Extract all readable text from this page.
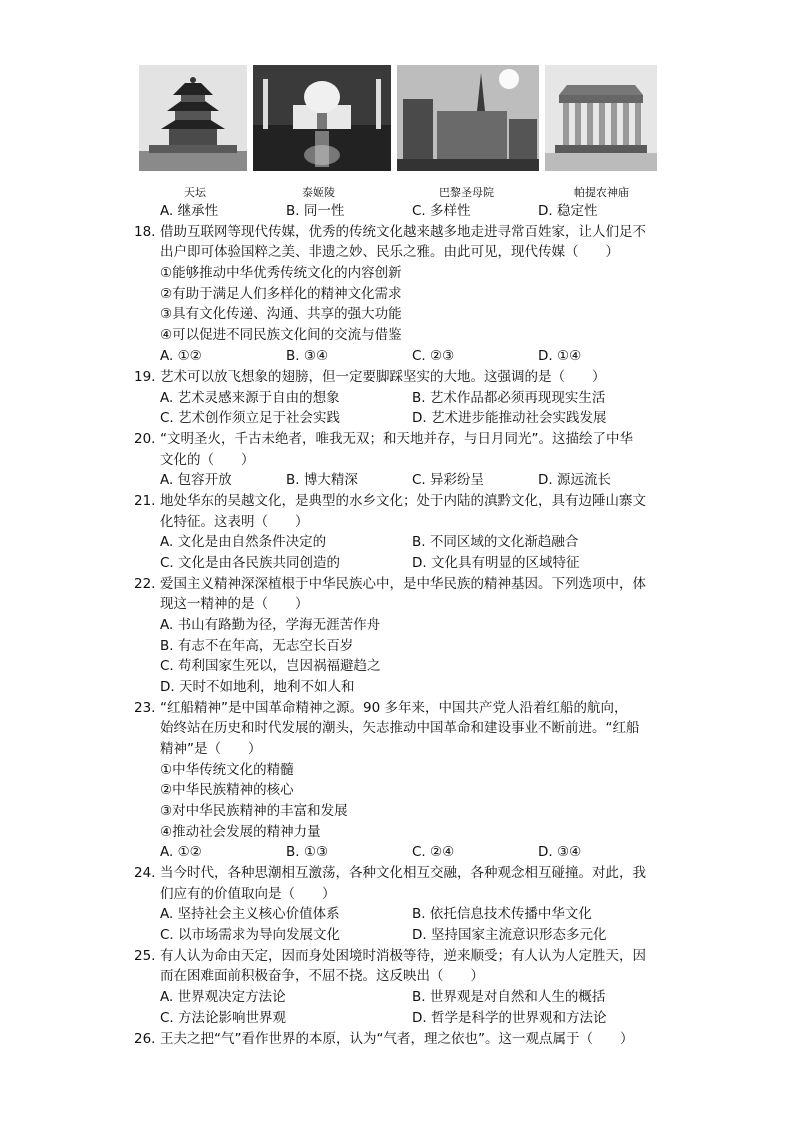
天坛	泰姬陵	巴黎圣母院	帕提农神庙
A. 继承性	B. 同一性	C. 多样性	D. 稳定性
18. 借助互联网等现代传媒，优秀的传统文化越来越多地走进寻常百姓家，让人们足不
出户即可体验国粹之美、非遗之妙、民乐之雅。由此可见，现代传媒（　　）
①能够推动中华优秀传统文化的内容创新
②有助于满足人们多样化的精神文化需求
③具有文化传递、沟通、共享的强大功能
④可以促进不同民族文化间的交流与借鉴
A. ①②	B. ③④	C. ②③	D. ①④
19. 艺术可以放飞想象的翅膀，但一定要脚踩坚实的大地。这强调的是（　　）
A. 艺术灵感来源于自由的想象	B. 艺术作品都必须再现现实生活
C. 艺术创作须立足于社会实践	D. 艺术进步能推动社会实践发展
20. “文明圣火，千古未绝者，唯我无双；和天地并存，与日月同光”。这描绘了中华
文化的（　　）
A. 包容开放	B. 博大精深	C. 异彩纷呈	D. 源远流长
21. 地处华东的吴越文化，是典型的水乡文化；处于内陆的滇黔文化，具有边陲山寨文
化特征。这表明（　　）
A. 文化是由自然条件决定的	B. 不同区域的文化渐趋融合
C. 文化是由各民族共同创造的	D. 文化具有明显的区域特征
22. 爱国主义精神深深植根于中华民族心中，是中华民族的精神基因。下列选项中，体
现这一精神的是（　　）
A. 书山有路勤为径，学海无涯苦作舟
B. 有志不在年高，无志空长百岁
C. 苟利国家生死以，岂因祸福避趋之
D. 天时不如地利，地利不如人和
23. “红船精神”是中国革命精神之源。90 多年来，中国共产党人沿着红船的航向，
始终站在历史和时代发展的潮头，矢志推动中国革命和建设事业不断前进。“红船
精神”是（　　）
①中华传统文化的精髓
②中华民族精神的核心
③对中华民族精神的丰富和发展
④推动社会发展的精神力量
A. ①②	B. ①③	C. ②④	D. ③④
24. 当今时代，各种思潮相互激荡，各种文化相互交融，各种观念相互碰撞。对此，我
们应有的价值取向是（　　）
A. 坚持社会主义核心价值体系	B. 依托信息技术传播中华文化
C. 以市场需求为导向发展文化	D. 坚持国家主流意识形态多元化
25. 有人认为命由天定，因而身处困境时消极等待，逆来顺受；有人认为人定胜天，因
而在困难面前积极奋争，不屈不挠。这反映出（　　）
A. 世界观决定方法论	B. 世界观是对自然和人生的概括
C. 方法论影响世界观	D. 哲学是科学的世界观和方法论
26. 王夫之把“气”看作世界的本原，认为“气者，理之依也”。这一观点属于（　　）
